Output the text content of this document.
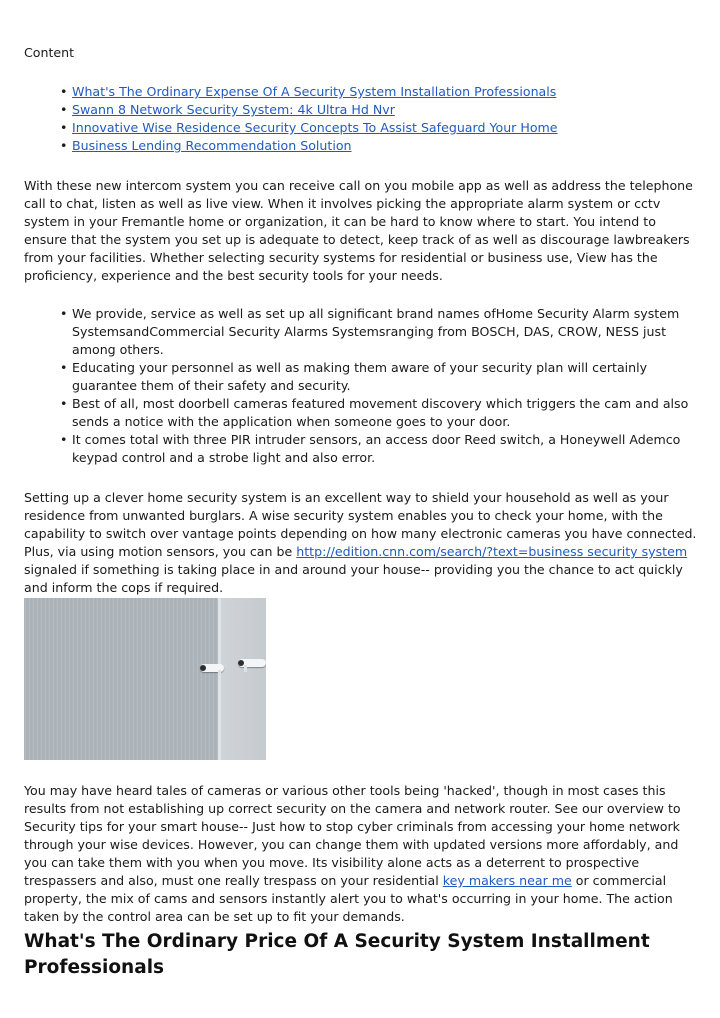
Content

• What's The Ordinary Expense Of A Security System Installation Professionals
• Swann 8 Network Security System: 4k Ultra Hd Nvr
• Innovative Wise Residence Security Concepts To Assist Safeguard Your Home
• Business Lending Recommendation Solution

With these new intercom system you can receive call on you mobile app as well as address the telephone call to chat, listen as well as live view. When it involves picking the appropriate alarm system or cctv system in your Fremantle home or organization, it can be hard to know where to start. You intend to ensure that the system you set up is adequate to detect, keep track of as well as discourage lawbreakers from your facilities. Whether selecting security systems for residential or business use, View has the proficiency, experience and the best security tools for your needs.

• We provide, service as well as set up all significant brand names ofHome Security Alarm system SystemsandCommercial Security Alarms Systemsranging from BOSCH, DAS, CROW, NESS just among others.
• Educating your personnel as well as making them aware of your security plan will certainly guarantee them of their safety and security.
• Best of all, most doorbell cameras featured movement discovery which triggers the cam and also sends a notice with the application when someone goes to your door.
• It comes total with three PIR intruder sensors, an access door Reed switch, a Honeywell Ademco keypad control and a strobe light and also error.

Setting up a clever home security system is an excellent way to shield your household as well as your residence from unwanted burglars. A wise security system enables you to check your home, with the capability to switch over vantage points depending on how many electronic cameras you have connected. Plus, via using motion sensors, you can be http://edition.cnn.com/search/?text=business security system signaled if something is taking place in and around your house-- providing you the chance to act quickly and inform the cops if required.

You may have heard tales of cameras or various other tools being 'hacked', though in most cases this results from not establishing up correct security on the camera and network router. See our overview to Security tips for your smart house-- Just how to stop cyber criminals from accessing your home network through your wise devices. However, you can change them with updated versions more affordably, and you can take them with you when you move. Its visibility alone acts as a deterrent to prospective trespassers and also, must one really trespass on your residential key makers near me or commercial property, the mix of cams and sensors instantly alert you to what's occurring in your home. The action taken by the control area can be set up to fit your demands.

What's The Ordinary Price Of A Security System Installment Professionals
